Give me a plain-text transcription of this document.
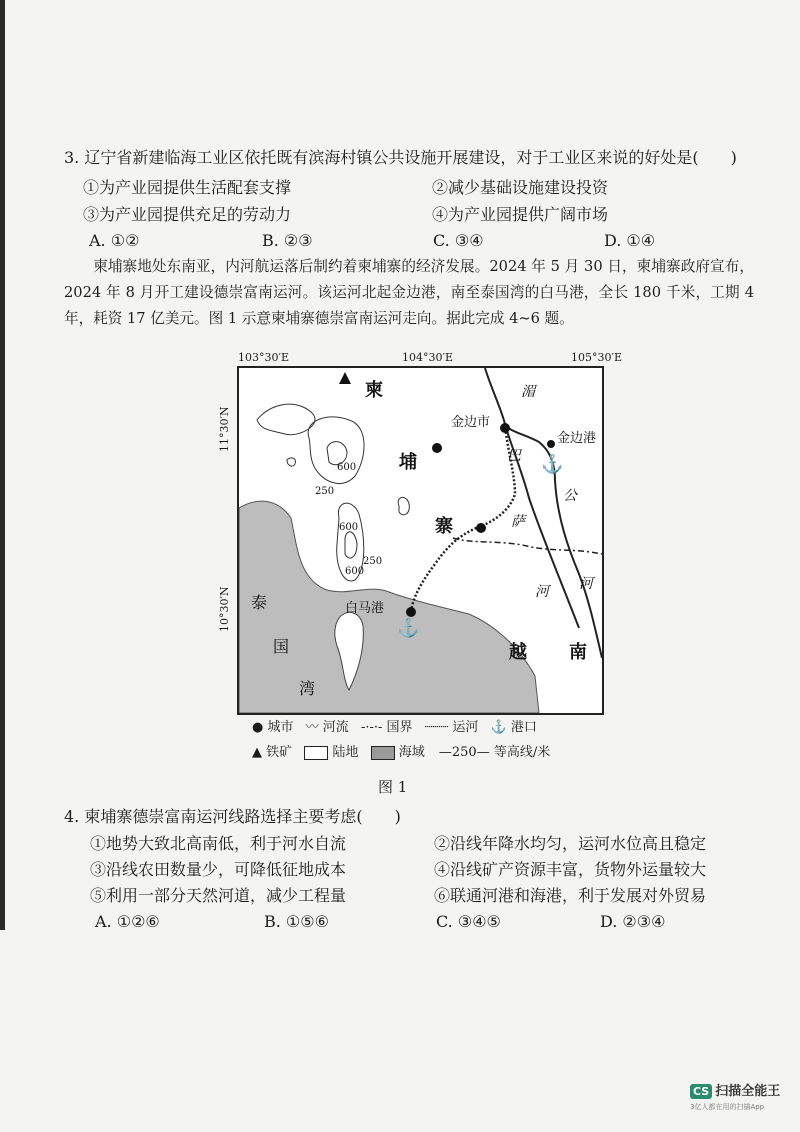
3. 辽宁省新建临海工业区依托既有滨海村镇公共设施开展建设，对于工业区来说的好处是(　　)
①为产业园提供生活配套支撑	②减少基础设施建设投资
③为产业园提供充足的劳动力	④为产业园提供广阔市场
A. ①②	B. ②③	C. ③④	D. ①④
柬埔寨地处东南亚，内河航运落后制约着柬埔寨的经济发展。2024 年 5 月 30 日，柬埔寨政府宣布，2024 年 8 月开工建设德崇富南运河。该运河北起金边港，南至泰国湾的白马港，全长 180 千米，工期 4 年，耗资 17 亿美元。图 1 示意柬埔寨德崇富南运河走向。据此完成 4~6 题。
103°30′E	104°30′E	105°30′E
11°30′N
10°30′N
⚓
⚓
柬
埔
寨
金边市
金边港
白马港
湄
巴
萨
公
河 河
泰
国
湾
越 南
600
250
600
250
600
● 城市 〰 河流 -·-·- 国界 ┈┈┈ 运河 ⚓ 港口
▲ 铁矿	陆地	海域 —250— 等高线/米
图 1
4. 柬埔寨德崇富南运河线路选择主要考虑(　　)
①地势大致北高南低，利于河水自流	②沿线年降水均匀，运河水位高且稳定
③沿线农田数量少，可降低征地成本	④沿线矿产资源丰富，货物外运量较大
⑤利用一部分天然河道，减少工程量	⑥联通河港和海港，利于发展对外贸易
A. ①②⑥	B. ①⑤⑥	C. ③④⑤	D. ②③④
CS 扫描全能王
3亿人都在用的扫描App
